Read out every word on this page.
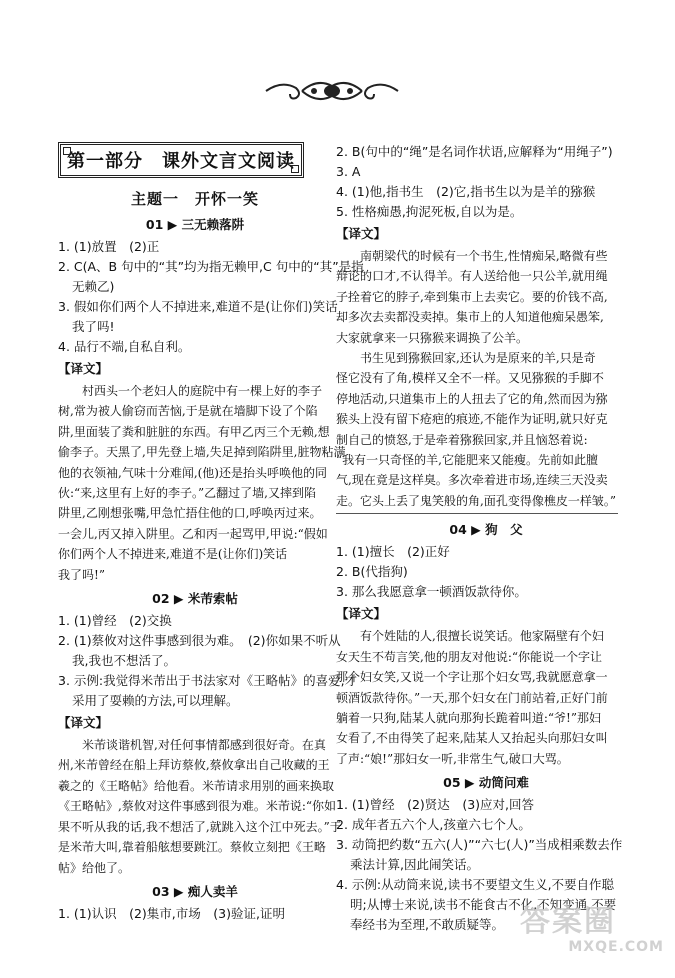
第一部分　课外文言文阅读
主题一　开怀一笑
01 ▶ 三无赖落阱
1. (1)放置　(2)正
2. C(A、B 句中的“其”均为指无赖甲,C 句中的“其”是指
无赖乙)
3. 假如你们两个人不掉进来,难道不是(让你们)笑话
我了吗!
4. 品行不端,自私自利。
【译文】
村西头一个老妇人的庭院中有一棵上好的李子
树,常为被人偷窃而苦恼,于是就在墙脚下设了个陷
阱,里面装了粪和脏脏的东西。有甲乙丙三个无赖,想
偷李子。天黑了,甲先登上墙,失足掉到陷阱里,脏物粘满
他的衣领袖,气味十分难闻,(他)还是抬头呼唤他的同
伙:“来,这里有上好的李子。”乙翻过了墙,又摔到陷
阱里,乙刚想张嘴,甲急忙捂住他的口,呼唤丙过来。
一会儿,丙又掉入阱里。乙和丙一起骂甲,甲说:“假如
你们两个人不掉进来,难道不是(让你们)笑话
我了吗!”
02 ▶ 米芾索帖
1. (1)曾经　(2)交换
2. (1)蔡攸对这件事感到很为难。　(2)你如果不听从
我,我也不想活了。
3. 示例:我觉得米芾出于书法家对《王略帖》的喜爱,才
采用了耍赖的方法,可以理解。
【译文】
米芾谈谐机智,对任何事情都感到很好奇。在真
州,米芾曾经在船上拜访蔡攸,蔡攸拿出自己收藏的王
羲之的《王略帖》给他看。米芾请求用别的画来换取
《王略帖》,蔡攸对这件事感到很为难。米芾说:“你如
果不听从我的话,我不想活了,就跳入这个江中死去。”于
是米芾大叫,靠着船舷想要跳江。蔡攸立刻把《王略
帖》给他了。
03 ▶ 痴人卖羊
1. (1)认识　(2)集市,市场　(3)验证,证明
2. B(句中的“绳”是名词作状语,应解释为“用绳子”)
3. A
4. (1)他,指书生　(2)它,指书生以为是羊的猕猴
5. 性格痴愚,拘泥死板,自以为是。
【译文】
南朝梁代的时候有一个书生,性情痴呆,略微有些
辩论的口才,不认得羊。有人送给他一只公羊,就用绳
子拴着它的脖子,牵到集市上去卖它。要的价钱不高,
却多次去卖都没卖掉。集市上的人知道他痴呆愚笨,
大家就拿来一只猕猴来调换了公羊。
书生见到猕猴回家,还认为是原来的羊,只是奇
怪它没有了角,模样又全不一样。又见猕猴的手脚不
停地活动,只道集市上的人扭去了它的角,然而因为猕
猴头上没有留下疮疤的痕迹,不能作为证明,就只好克
制自己的愤怒,于是牵着猕猴回家,并且恼怒着说:
“我有一只奇怪的羊,它能肥来又能瘦。先前如此膻
气,现在竟是这样臭。多次牵着进市场,连续三天没卖
走。它头上丢了鬼笑般的角,面孔变得像樵皮一样皱。”
04 ▶ 狗　父
1. (1)擅长　(2)正好
2. B(代指狗)
3. 那么我愿意拿一顿酒饭款待你。
【译文】
有个姓陆的人,很擅长说笑话。他家隔壁有个妇
女天生不苟言笑,他的朋友对他说:“你能说一个字让
那个妇女笑,又说一个字让那个妇女骂,我就愿意拿一
顿酒饭款待你。”一天,那个妇女在门前站着,正好门前
躺着一只狗,陆某人就向那狗长跪着叫道:“爷!”那妇
女看了,不由得笑了起来,陆某人又抬起头向那妇女叫
了声:“娘!”那妇女一听,非常生气,破口大骂。
05 ▶ 动筒问难
1. (1)曾经　(2)贤达　(3)应对,回答
2. 成年者五六个人,孩童六七个人。
3. 动筒把约数“五六(人)”“六七(人)”当成相乘数去作
乘法计算,因此闹笑话。
4. 示例:从动筒来说,读书不要望文生义,不要自作聪
明;从博士来说,读书不能食古不化,不知变通,不要
奉经书为至理,不敢质疑等。 答案圈
MXQE.COM
